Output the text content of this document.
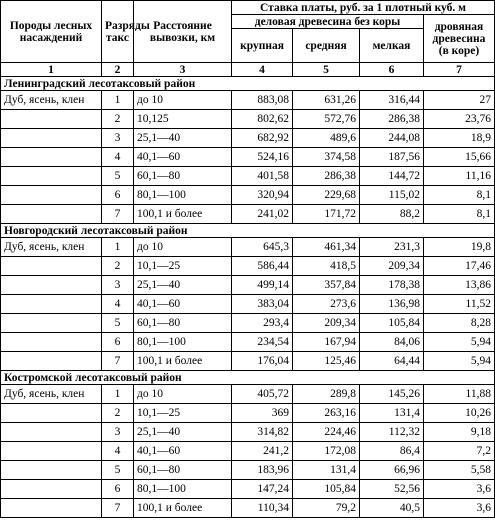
Породы лесных насаждений	Разряды такс	Расстояние вывозки, км	Ставка платы, руб. за 1 плотный куб. м			
			деловая древесина без коры			дровяная древесина (в коре)
			крупная	средняя	мелкая	
1	2	3	4	5	6	7
Ленинградский лесотаксовый район						
Дуб, ясень, клен	1	до 10	883,08	631,26	316,44	27
	2	10,125	802,62	572,76	286,38	23,76
	3	25,1—40	682,92	489,6	244,08	18,9
	4	40,1—60	524,16	374,58	187,56	15,66
	5	60,1—80	401,58	286,38	144,72	11,16
	6	80,1—100	320,94	229,68	115,02	8,1
	7	100,1 и более	241,02	171,72	88,2	8,1
Новгородский лесотаксовый район						
Дуб, ясень, клен	1	до 10	645,3	461,34	231,3	19,8
	2	10,1—25	586,44	418,5	209,34	17,46
	3	25,1—40	499,14	357,84	178,38	13,86
	4	40,1—60	383,04	273,6	136,98	11,52
	5	60,1—80	293,4	209,34	105,84	8,28
	6	80,1—100	234,54	167,94	84,06	5,94
	7	100,1 и более	176,04	125,46	64,44	5,94
Костромской лесотаксовый район						
Дуб, ясень, клен	1	до 10	405,72	289,8	145,26	11,88
	2	10,1—25	369	263,16	131,4	10,26
	3	25,1—40	314,82	224,46	112,32	9,18
	4	40,1—60	241,2	172,08	86,4	7,2
	5	60,1—80	183,96	131,4	66,96	5,58
	6	80,1—100	147,24	105,84	52,56	3,6
	7	100,1 и более	110,34	79,2	40,5	3,6
